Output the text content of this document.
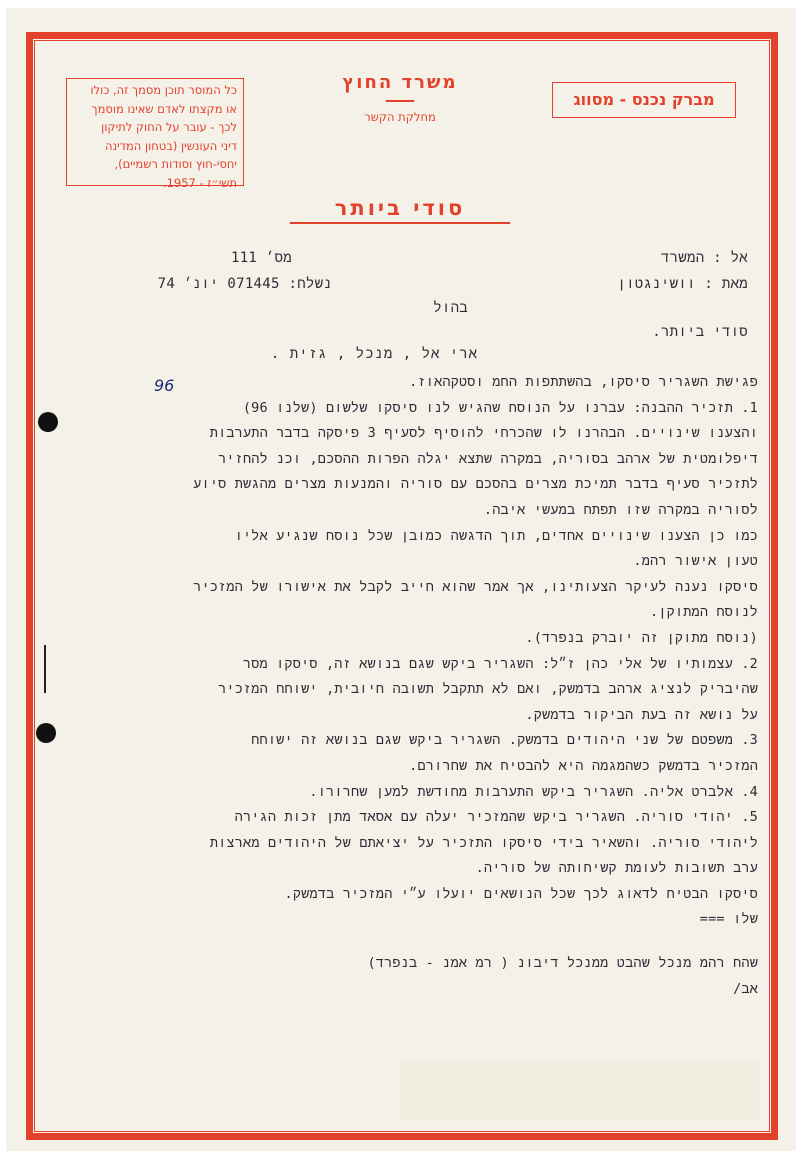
כל המוסר תוכן מסמך זה, כולו
או מקצתו לאדם שאינו מוסמך
לכך - עובר על החוק לתיקון
דיני העונשין (בטחון המדינה
יחסי-חוץ וסודות רשמיים),
תשי״ז - 1957.
משרד החוץ
מחלקת הקשר
מברק נכנס - מסווג
סודי ביותר
אל : המשרד
מס׳ 111
מאת : וושינגטון
נשלח: 071445 יונ׳ 74
בהול
סודי ביותר.
ארי אל , מנכל , גזית .
96	פגישת השגריר סיסקו, בהשתתפות החמ וסטקהאוז.
1. תזכיר ההבנה: עברנו על הנוסח שהגיש לנו סיסקו שלשום (שלנו 96)
והצענו שינויים. הבהרנו לו שהכרחי להוסיף לסעיף 3 פיסקה בדבר התערבות
דיפלומטית של ארהב בסוריה, במקרה שתצא יגלה הפרות ההסכם, וכנ להחזיר
לתזכיר סעיף בדבר תמיכת מצרים בהסכם עם סוריה והמנעות מצרים מהגשת סיוע
לסוריה במקרה שזו תפתח במעשי איבה.
כמו כן הצענו שינויים אחדים, תוך הדגשה כמובן שכל נוסח שנגיע אליו
טעון אישור רהמ.
סיסקו נענה לעיקר הצעותינו, אך אמר שהוא חייב לקבל את אישורו של המזכיר
לנוסח המתוקן.
(נוסח מתוקן זה יוברק בנפרד).
2. עצמותיו של אלי כהן ז״ל: השגריר ביקש שגם בנושא זה, סיסקו מסר
שהיבריק לנציג ארהב בדמשק, ואם לא תתקבל תשובה חיובית, ישוחח המזכיר
על נושא זה בעת הביקור בדמשק.
3. משפטם של שני היהודים בדמשק. השגריר ביקש שגם בנושא זה ישוחח
המזכיר בדמשק כשהמגמה היא להבטיח את שחרורם.
4. אלברט אליה. השגריר ביקש התערבות מחודשת למען שחרורו.
5. יהודי סוריה. השגריר ביקש שהמזכיר יעלה עם אסאד מתן זכות הגירה
ליהודי סוריה. והשאיר בידי סיסקו התזכיר על יציאתם של היהודים מארצות
ערב תשובות לעומת קשיחותה של סוריה.
סיסקו הבטיח לדאוג לכך שכל הנושאים יועלו ע״י המזכיר בדמשק.
שלו ===
שהח רהמ מנכל שהבט ממנכל דיבונ ( רמ אמנ - בנפרד)
אב/
